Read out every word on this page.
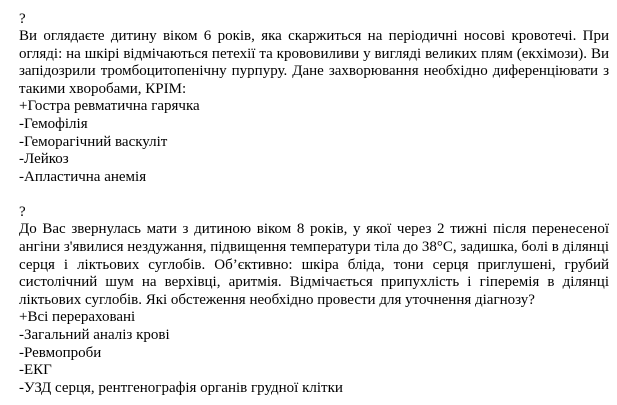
?

Ви оглядаєте дитину віком 6 років, яка скаржиться на періодичні носові кровотечі. При огляді: на шкірі відмічаються петехії та крововиливи у вигляді великих плям (екхімози). Ви запідозрили тромбоцитопенічну пурпуру. Дане захворювання необхідно диференціювати з такими хворобами, КРІМ:

+Гостра ревматична гарячка
-Гемофілія
-Геморагічний васкуліт
-Лейкоз
-Апластична анемія
?

До Вас звернулась мати з дитиною віком 8 років, у якої через 2 тижні після перенесеної ангіни з'явилися нездужання, підвищення температури тіла до 38°С, задишка, болі в ділянці серця і ліктьових суглобів. Об’єктивно: шкіра бліда, тони серця приглушені, грубий систолічний шум на верхівці, аритмія. Відмічається припухлість і гіперемія в ділянці ліктьових суглобів. Які обстеження необхідно провести для уточнення діагнозу?

+Всі перераховані
-Загальний аналіз крові
-Ревмопроби
-ЕКГ
-УЗД серця, рентгенографія органів грудної клітки
